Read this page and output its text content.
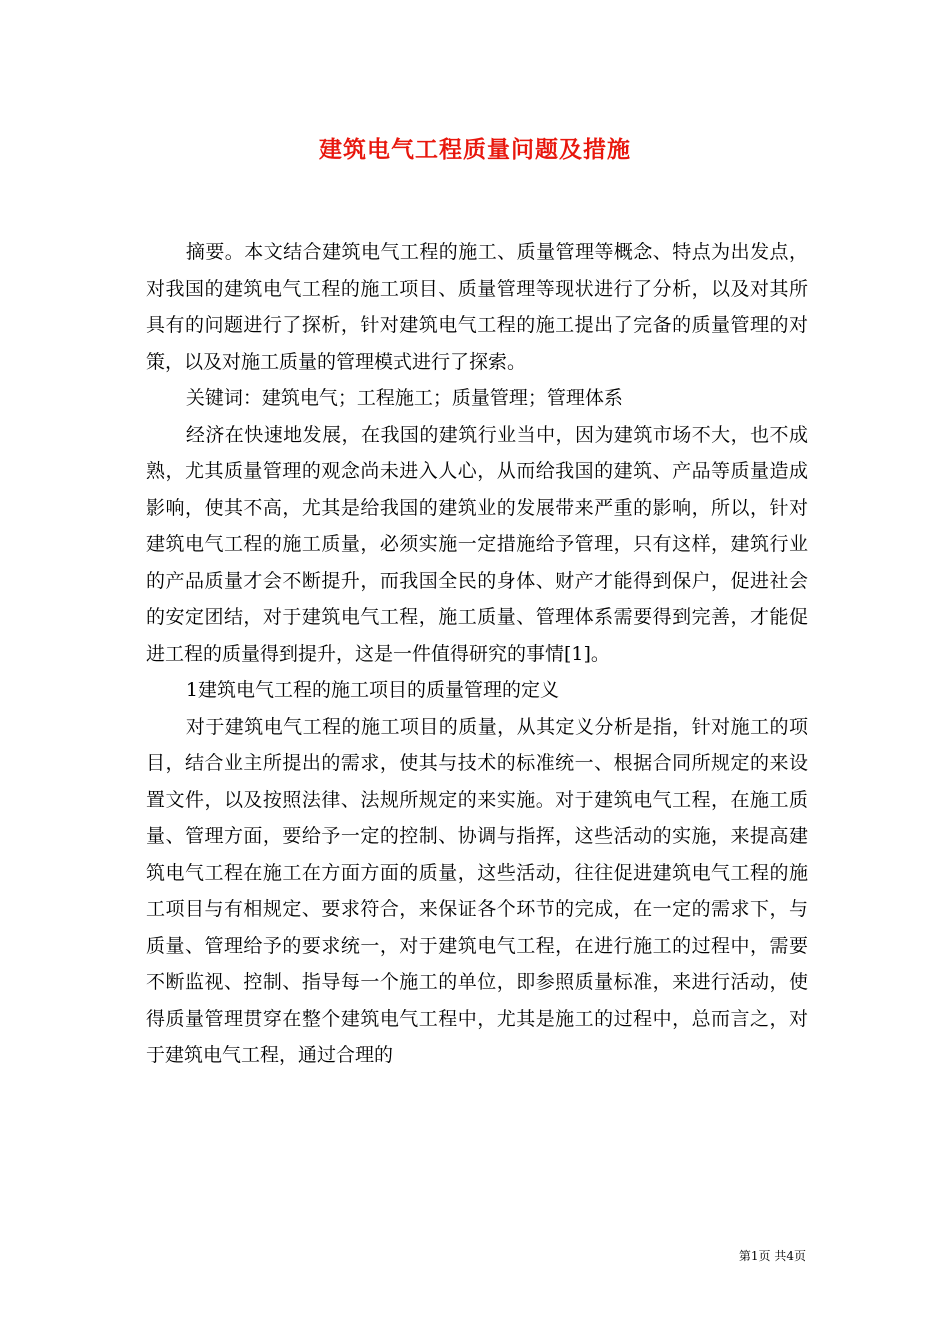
建筑电气工程质量问题及措施

摘要。本文结合建筑电气工程的施工、质量管理等概念、特点为出发点，对我国的建筑电气工程的施工项目、质量管理等现状进行了分析，以及对其所具有的问题进行了探析，针对建筑电气工程的施工提出了完备的质量管理的对策，以及对施工质量的管理模式进行了探索。

关键词：建筑电气；工程施工；质量管理；管理体系

经济在快速地发展，在我国的建筑行业当中，因为建筑市场不大，也不成熟，尤其质量管理的观念尚未进入人心，从而给我国的建筑、产品等质量造成影响，使其不高，尤其是给我国的建筑业的发展带来严重的影响，所以，针对建筑电气工程的施工质量，必须实施一定措施给予管理，只有这样，建筑行业的产品质量才会不断提升，而我国全民的身体、财产才能得到保户，促进社会的安定团结，对于建筑电气工程，施工质量、管理体系需要得到完善，才能促进工程的质量得到提升，这是一件值得研究的事情[1]。

1建筑电气工程的施工项目的质量管理的定义

对于建筑电气工程的施工项目的质量，从其定义分析是指，针对施工的项目，结合业主所提出的需求，使其与技术的标准统一、根据合同所规定的来设置文件，以及按照法律、法规所规定的来实施。对于建筑电气工程，在施工质量、管理方面，要给予一定的控制、协调与指挥，这些活动的实施，来提高建筑电气工程在施工在方面方面的质量，这些活动，往往促进建筑电气工程的施工项目与有相规定、要求符合，来保证各个环节的完成，在一定的需求下，与质量、管理给予的要求统一，对于建筑电气工程，在进行施工的过程中，需要不断监视、控制、指导每一个施工的单位，即参照质量标准，来进行活动，使得质量管理贯穿在整个建筑电气工程中，尤其是施工的过程中，总而言之，对于建筑电气工程，通过合理的

第1页 共4页
